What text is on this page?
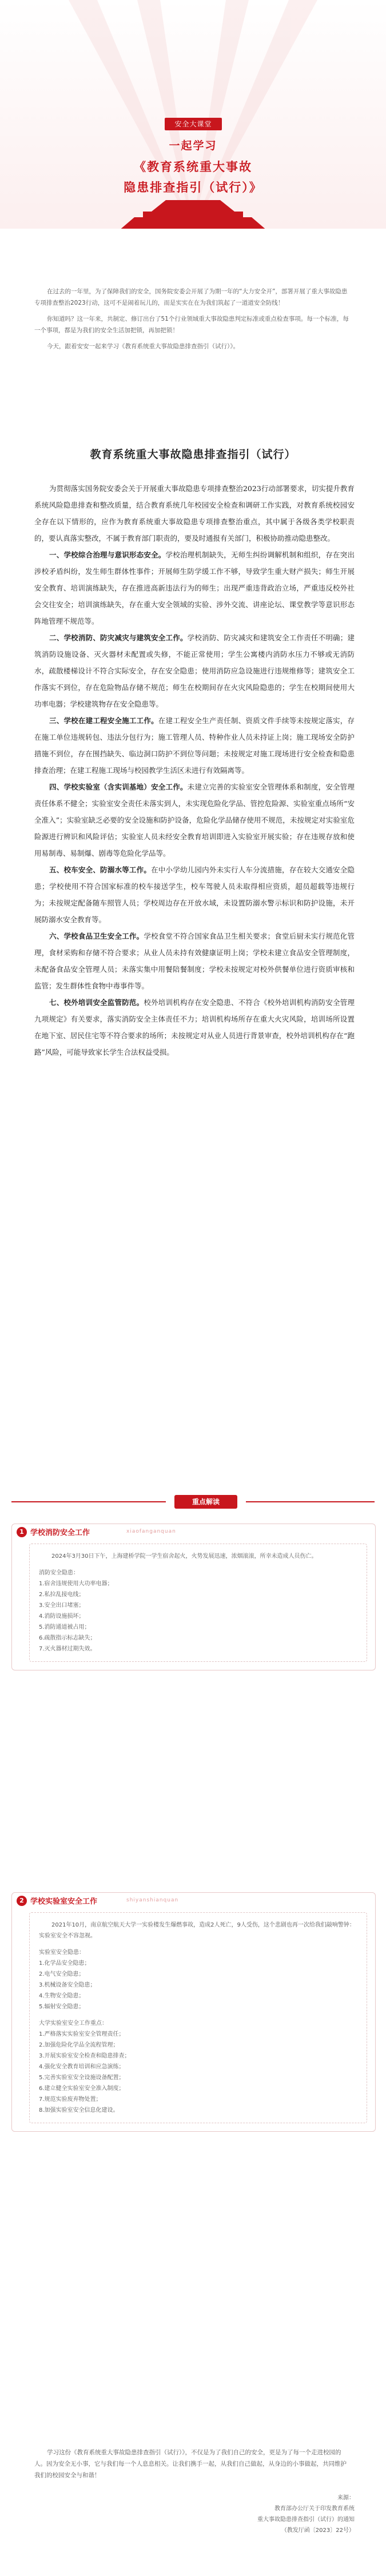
安全大课堂
一起学习
《教育系统重大事故
隐患排查指引（试行）》

在过去的一年里，为了保障我们的安全，国务院安委会开展了为期一年的“大力安全开”，部署开展了重大事故隐患专项排查整治2023行动，这可不是闹着玩儿的，而是实实在在为我们筑起了一道道安全防线！

你知道吗？这一年来，共制定、修订出台了51个行业领域重大事故隐患判定标准或重点检查事项。每一个标准，每一个事项，都是为我们的安全生活加把锁，再加把锁！

今天，跟着安安一起来学习《教育系统重大事故隐患排查指引（试行）》。

教育系统重大事故隐患排查指引（试行）

为贯彻落实国务院安委会关于开展重大事故隐患专项排查整治2023行动部署要求，切实提升教育系统风险隐患排查和整改质量，结合教育系统几年校园安全检查和调研工作实践，对教育系统校园安全存在以下情形的，应作为教育系统重大事故隐患专项排查整治重点，其中属于各级各类学校职责的，要认真落实整改，不属于教育部门职责的，要及时通报有关部门，积极协助推动隐患整改。

一、学校综合治理与意识形态安全。学校治理机制缺失，无师生纠纷调解机制和组织，存在突出涉校矛盾纠纷，发生师生群体性事件；开展师生防学缓工作不够，导致学生重大财产损失；师生开展安全教育、培训演练缺失，存在推进高新违法行为的师生；出现严重违背政治立场，严重违反校外社会交往安全；培训演练缺失，存在重大安全领域的实验、涉外交流、讲座论坛、课堂教学等意识形态阵地管理不规范等。

二、学校消防、防灾减灾与建筑安全工作。学校消防、防灾减灾和建筑安全工作责任不明确；建筑消防设施设备、灭火器材未配置或失修，不能正常使用；学生公寓楼内消防水压力不够或无消防水，疏散楼梯设计不符合实际安全，存在安全隐患；使用消防应急设施进行违规维修等；建筑安全工作落实不到位，存在危险物品存储不规范；师生在校期间存在火灾风险隐患的；学生在校期间使用大功率电器；学校建筑物存在安全隐患等。

三、学校在建工程安全施工工作。在建工程安全生产责任制、资质文件手续等未按规定落实，存在施工单位违规转包、违法分包行为；施工管理人员、特种作业人员未持证上岗；施工现场安全防护措施不到位，存在围挡缺失、临边洞口防护不到位等问题；未按规定对施工现场进行安全检查和隐患排查治理；在建工程施工现场与校园教学生活区未进行有效隔离等。

四、学校实验室（含实训基地）安全工作。未建立完善的实验室安全管理体系和制度，安全管理责任体系不健全；实验室安全责任未落实到人，未实现危险化学品、管控危险源、实验室重点场所“安全准入”；实验室缺乏必要的安全设施和防护设备，危险化学品储存使用不规范，未按规定对实验室危险源进行辨识和风险评估；实验室人员未经安全教育培训即进入实验室开展实验；存在违规存放和使用易制毒、易制爆、剧毒等危险化学品等。

五、校车安全、防溺水等工作。在中小学幼儿园内外未实行人车分流措施，存在较大交通安全隐患；学校使用不符合国家标准的校车接送学生，校车驾驶人员未取得相应资质，超员超载等违规行为；未按规定配备随车照管人员；学校周边存在开放水域，未设置防溺水警示标识和防护设施，未开展防溺水安全教育等。

六、学校食品卫生安全工作。学校食堂不符合国家食品卫生相关要求；食堂后厨未实行规范化管理，食材采购和存储不符合要求；从业人员未持有效健康证明上岗；学校未建立食品安全管理制度，未配备食品安全管理人员；未落实集中用餐陪餐制度；学校未按规定对校外供餐单位进行资质审核和监管；发生群体性食物中毒事件等。

七、校外培训安全监管防范。校外培训机构存在安全隐患、不符合《校外培训机构消防安全管理九项规定》有关要求，落实消防安全主体责任不力；培训机构场所存在重大火灾风险，培训场所设置在地下室、居民住宅等不符合要求的场所；未按规定对从业人员进行背景审查，校外培训机构存在“跑路”风险，可能导致家长学生合法权益受损。

重点解读
1 学校消防安全工作	xiaofanganquan

2024年3月30日下午，上海建桥学院一学生宿舍起火，火势发展迅速，浓烟滚滚，所幸未造成人员伤亡。

消防安全隐患：

1.宿舍违规使用大功率电器；

2.私拉乱接电线；

3.安全出口堵塞；

4.消防设施损坏；

5.消防通道被占用；

6.疏散指示标志缺失；

7.灭火器材过期失效。

2 学校实验室安全工作	shiyanshianquan

2021年10月，南京航空航天大学一实验楼发生爆燃事故，造成2人死亡，9人受伤，这个悲剧也再一次给我们敲响警钟：实验室安全不容忽视。

实验室安全隐患：

1.化学品安全隐患；

2.电气安全隐患；

3.机械设备安全隐患；

4.生物安全隐患；

5.辐射安全隐患；

大学实验室安全工作重点：

1.严格落实实验室安全管理责任；

2.加强危险化学品全流程管理；

3.开展实验室安全检查和隐患排查；

4.强化安全教育培训和应急演练；

5.完善实验室安全设施设备配置；

6.建立健全实验室安全准入制度；

7.规范实验废弃物处置；

8.加强实验室安全信息化建设。

学习这份《教育系统重大事故隐患排查指引（试行）》，不仅是为了我们自己的安全，更是为了每一个走进校园的人。因为安全无小事，它与我们每一个人息息相关。让我们携手一起，从我们自己做起，从身边的小事做起，共同维护我们的校园安全与和谐！

来源：
教育部办公厅关于印发教育系统
重大事故隐患排查指引（试行）的通知
（教发厅函〔2023〕22号）
